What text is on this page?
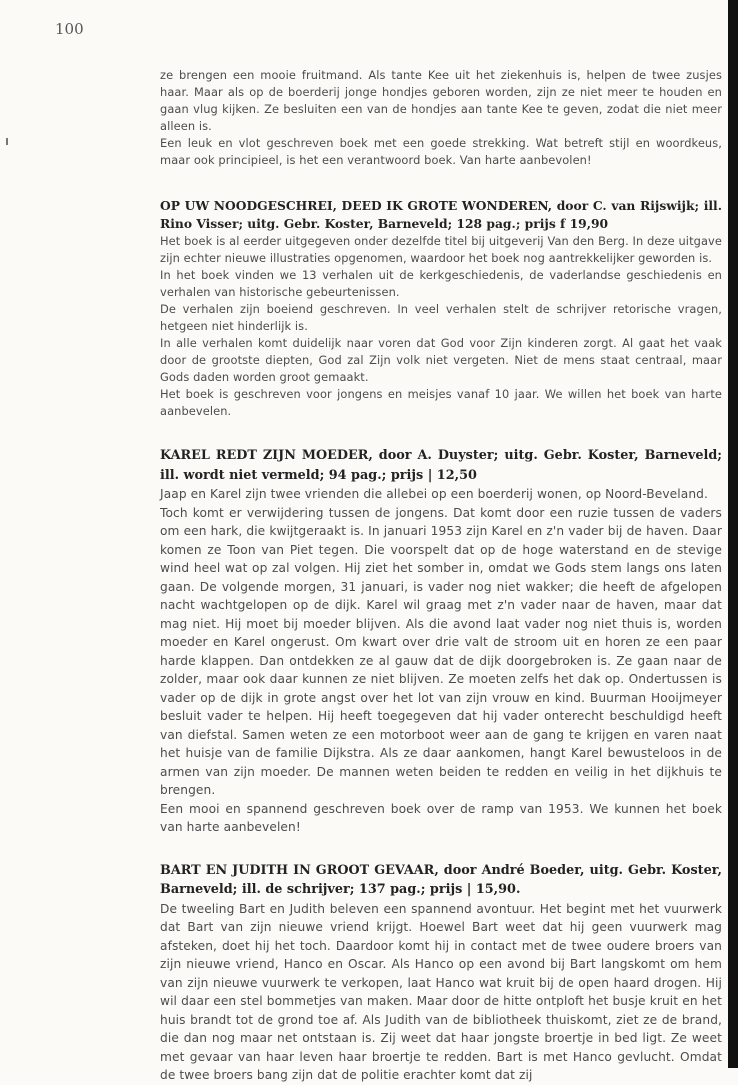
100

ze brengen een mooie fruitmand. Als tante Kee uit het ziekenhuis is, helpen de twee zusjes haar. Maar als op de boerderij jonge hondjes geboren worden, zijn ze niet meer te houden en gaan vlug kijken. Ze besluiten een van de hondjes aan tante Kee te geven, zodat die niet meer alleen is.

Een leuk en vlot geschreven boek met een goede strekking. Wat betreft stijl en woordkeus, maar ook principieel, is het een verantwoord boek. Van harte aanbevolen!

OP UW NOODGESCHREI, DEED IK GROTE WONDEREN, door C. van Rijswijk; ill. Rino Visser; uitg. Gebr. Koster, Barneveld; 128 pag.; prijs f 19,90

Het boek is al eerder uitgegeven onder dezelfde titel bij uitgeverij Van den Berg. In deze uitgave zijn echter nieuwe illustraties opgenomen, waardoor het boek nog aantrekkelijker geworden is.

In het boek vinden we 13 verhalen uit de kerkgeschiedenis, de vaderlandse geschiedenis en verhalen van historische gebeurtenissen.

De verhalen zijn boeiend geschreven. In veel verhalen stelt de schrijver retorische vragen, hetgeen niet hinderlijk is.

In alle verhalen komt duidelijk naar voren dat God voor Zijn kinderen zorgt. Al gaat het vaak door de grootste diepten, God zal Zijn volk niet vergeten. Niet de mens staat centraal, maar Gods daden worden groot gemaakt.

Het boek is geschreven voor jongens en meisjes vanaf 10 jaar. We willen het boek van harte aanbevelen.

KAREL REDT ZIJN MOEDER, door A. Duyster; uitg. Gebr. Koster, Barneveld; ill. wordt niet vermeld; 94 pag.; prijs | 12,50

Jaap en Karel zijn twee vrienden die allebei op een boerderij wonen, op Noord-Beveland.

Toch komt er verwijdering tussen de jongens. Dat komt door een ruzie tussen de vaders om een hark, die kwijtgeraakt is. In januari 1953 zijn Karel en z'n vader bij de haven. Daar komen ze Toon van Piet tegen. Die voorspelt dat op de hoge waterstand en de stevige wind heel wat op zal volgen. Hij ziet het somber in, omdat we Gods stem langs ons laten gaan. De volgende morgen, 31 januari, is vader nog niet wakker; die heeft de afgelopen nacht wachtgelopen op de dijk. Karel wil graag met z'n vader naar de haven, maar dat mag niet. Hij moet bij moeder blijven. Als die avond laat vader nog niet thuis is, worden moeder en Karel ongerust. Om kwart over drie valt de stroom uit en horen ze een paar harde klappen. Dan ontdekken ze al gauw dat de dijk doorgebroken is. Ze gaan naar de zolder, maar ook daar kunnen ze niet blijven. Ze moeten zelfs het dak op. Ondertussen is vader op de dijk in grote angst over het lot van zijn vrouw en kind. Buurman Hooijmeyer besluit vader te helpen. Hij heeft toegegeven dat hij vader onterecht beschuldigd heeft van diefstal. Samen weten ze een motorboot weer aan de gang te krijgen en varen naat het huisje van de familie Dijkstra. Als ze daar aankomen, hangt Karel bewusteloos in de armen van zijn moeder. De mannen weten beiden te redden en veilig in het dijkhuis te brengen.

Een mooi en spannend geschreven boek over de ramp van 1953. We kunnen het boek van harte aanbevelen!

BART EN JUDITH IN GROOT GEVAAR, door André Boeder, uitg. Gebr. Koster, Barneveld; ill. de schrijver; 137 pag.; prijs | 15,90.

De tweeling Bart en Judith beleven een spannend avontuur. Het begint met het vuurwerk dat Bart van zijn nieuwe vriend krijgt. Hoewel Bart weet dat hij geen vuurwerk mag afsteken, doet hij het toch. Daardoor komt hij in contact met de twee oudere broers van zijn nieuwe vriend, Hanco en Oscar. Als Hanco op een avond bij Bart langskomt om hem van zijn nieuwe vuurwerk te verkopen, laat Hanco wat kruit bij de open haard drogen. Hij wil daar een stel bommetjes van maken. Maar door de hitte ontploft het busje kruit en het huis brandt tot de grond toe af. Als Judith van de bibliotheek thuiskomt, ziet ze de brand, die dan nog maar net ontstaan is. Zij weet dat haar jongste broertje in bed ligt. Ze weet met gevaar van haar leven haar broertje te redden. Bart is met Hanco gevlucht. Omdat de twee broers bang zijn dat de politie erachter komt dat zij
